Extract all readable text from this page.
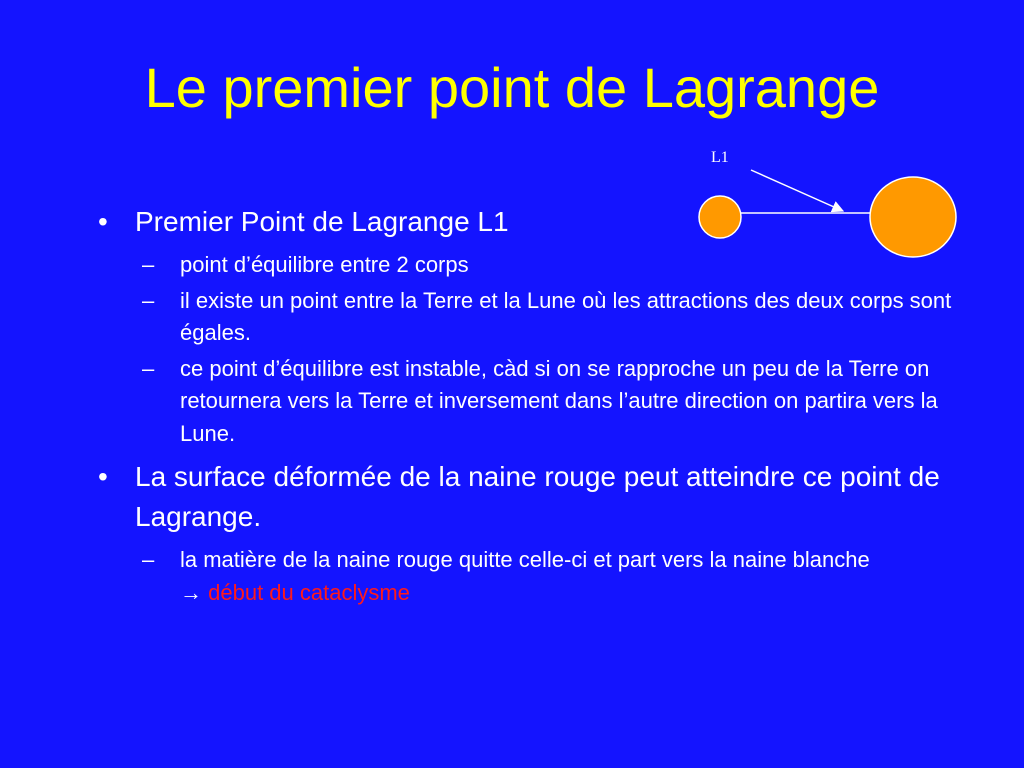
Le premier point de Lagrange
L1

• Premier Point de Lagrange L1

– point d’équilibre entre 2 corps

– il existe un point entre la Terre et la Lune où les attractions des deux corps sont égales.

– ce point d’équilibre est instable, càd si on se rapproche un peu de la Terre on retournera vers la Terre et inversement dans l’autre direction on partira vers la Lune.

• La surface déformée de la naine rouge peut atteindre ce point de Lagrange.

– la matière de la naine rouge quitte celle-ci et part vers la naine blanche
→ début du cataclysme
